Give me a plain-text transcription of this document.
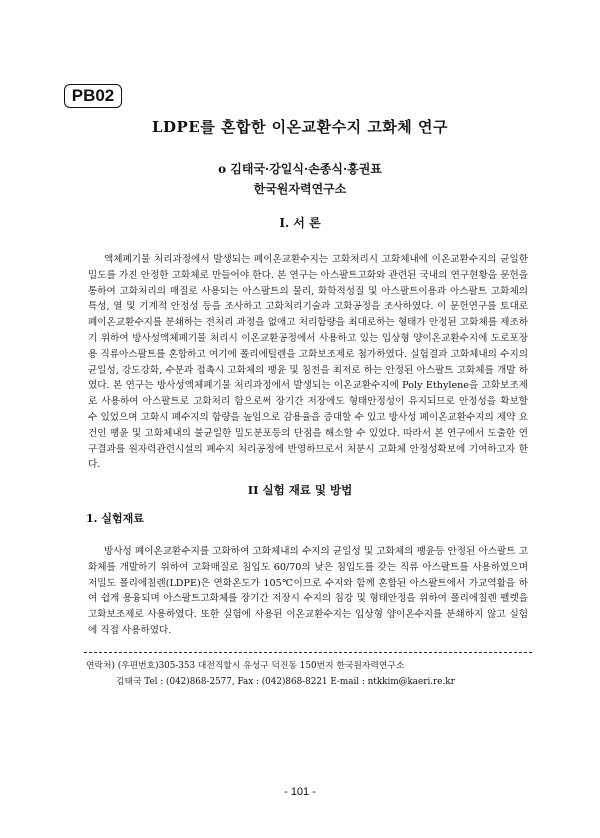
PB02
LDPE를 혼합한 이온교환수지 고화체 연구
o 김태국·강일식·손종식·홍권표
한국원자력연구소
I. 서 론

액체폐기물 처리과정에서 발생되는 폐이온교환수지는 고화처리시 고화체내에 이온교환수지의 균일한 밀도를 가진 안정한 고화체로 만들어야 한다. 본 연구는 아스팔트고화와 관련된 국내의 연구현황을 문헌을 통하여 고화처리의 매질로 사용되는 아스팔트의 물리, 화학적성질 및 아스팔트이용과 아스팔트 고화체의 특성, 열 및 기계적 안정성 등을 조사하고 고화처리기술과 고화공정을 조사하였다. 이 문헌연구를 토대로 폐이온교환수지를 분쇄하는 전처리 과정을 없애고 처리함량을 최대로하는 형태가 안정된 고화체를 제조하기 위하여 방사성액체폐기물 처리시 이온교환공정에서 사용하고 있는 입상형 양이온교환수지에 도로포장용 직류아스팔트를 혼합하고 여기에 폴리에틸렌을 고화보조제로 첨가하였다. 실험결과 고화체내의 수지의 균일성, 강도강화, 수분과 접촉시 고화체의 팽윤 및 침전을 최저로 하는 안정된 아스팔트 고화체를 개발 하였다. 본 연구는 방사성액체폐기물 처리과정에서 발생되는 이온교환수지에 Poly Ethylene을 고화보조제로 사용하여 아스팔트로 고화처리 함으로써 장기간 저장에도 형태안정성이 유지되므로 안정성을 확보할 수 있었으며 고화시 폐수지의 함량을 높임으로 감용율을 증대할 수 있고 방사성 폐이온교환수지의 제약 요건인 팽윤 및 고화체내의 불균일한 밀도분포등의 단점을 해소할 수 있었다. 따라서 본 연구에서 도출한 연구결과를 원자력관련시설의 폐수지 처리공정에 반영하므로서 처분시 고화체 안정성확보에 기여하고자 한다.

II 실험 재료 및 방법
1. 실험재료

방사성 폐이온교환수지를 고화하여 고화체내의 수지의 균일성 및 고화체의 팽윤등 안정된 아스팔트 고화체를 개발하기 위하여 고화매질로 침입도 60/70의 낮은 침입도를 갖는 직류 아스팔트를 사용하였으며 저밀도 폴리에칠렌(LDPE)은 연화온도가 105℃이므로 수지와 함께 혼합된 아스팔트에서 가교역활을 하여 쉽게 용융되며 아스팔트고화체를 장기간 저장시 수지의 침강 및 형태안정을 위하여 폴리에칠렌 펠렛을 고화보조제로 사용하였다. 또한 실험에 사용된 이온교환수지는 입상형 양이온수지를 분쇄하지 않고 실험에 직접 사용하였다.

연락처) (우편번호)305-353 대전직할시 유성구 덕진동 150번지 한국원자력연구소
김태국 Tel : (042)868-2577, Fax : (042)868-8221 E-mail : ntkkim@kaeri.re.kr
- 101 -
